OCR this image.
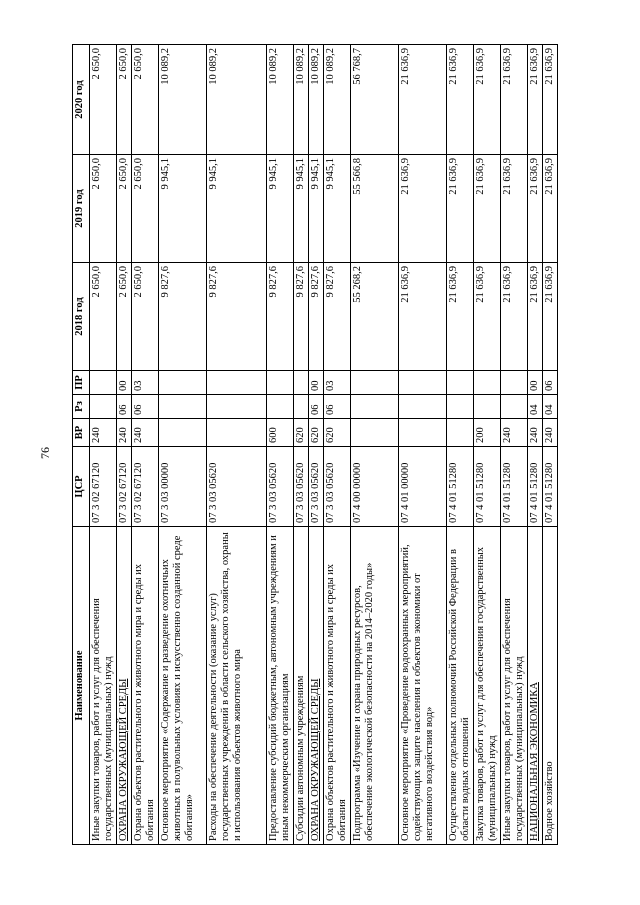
76
Наименование	ЦСР	ВР	Рз	ПР	2018 год	2019 год	2020 год
Иные закупки товаров, работ и услуг для обеспечения государственных (муниципальных) нужд	07 3 02 67120	240			2 650,0	2 650,0	2 650,0
ОХРАНА ОКРУЖАЮЩЕЙ СРЕДЫ	07 3 02 67120	240	06	00	2 650,0	2 650,0	2 650,0
Охрана объектов растительного и животного мира и среды их обитания	07 3 02 67120	240	06	03	2 650,0	2 650,0	2 650,0
Основное мероприятие «Содержание и разведение охотничьих животных в полувольных условиях и искусственно созданной среде обитания»	07 3 03 00000				9 827,6	9 945,1	10 089,2
Расходы на обеспечение деятельности (оказание услуг) государственных учреждений в области сельского хозяйства, охраны и использования объектов животного мира	07 3 03 05620				9 827,6	9 945,1	10 089,2
Предоставление субсидий бюджетным, автономным учреждениям и иным некоммерческим организациям	07 3 03 05620	600			9 827,6	9 945,1	10 089,2
Субсидии автономным учреждениям	07 3 03 05620	620			9 827,6	9 945,1	10 089,2
ОХРАНА ОКРУЖАЮЩЕЙ СРЕДЫ	07 3 03 05620	620	06	00	9 827,6	9 945,1	10 089,2
Охрана объектов растительного и животного мира и среды их обитания	07 3 03 05620	620	06	03	9 827,6	9 945,1	10 089,2
Подпрограмма «Изучение и охрана природных ресурсов, обеспечение экологической безопасности на 2014–2020 годы»	07 4 00 00000				55 268,2	55 566,8	56 768,7
Основное мероприятие «Проведение водоохранных мероприятий, содействующих защите населения и объектов экономики от негативного воздействия вод»	07 4 01 00000				21 636,9	21 636,9	21 636,9
Осуществление отдельных полномочий Российской Федерации в области водных отношений	07 4 01 51280				21 636,9	21 636,9	21 636,9
Закупка товаров, работ и услуг для обеспечения государственных (муниципальных) нужд	07 4 01 51280	200			21 636,9	21 636,9	21 636,9
Иные закупки товаров, работ и услуг для обеспечения государственных (муниципальных) нужд	07 4 01 51280	240			21 636,9	21 636,9	21 636,9
НАЦИОНАЛЬНАЯ ЭКОНОМИКА	07 4 01 51280	240	04	00	21 636,9	21 636,9	21 636,9
Водное хозяйство	07 4 01 51280	240	04	06	21 636,9	21 636,9	21 636,9
